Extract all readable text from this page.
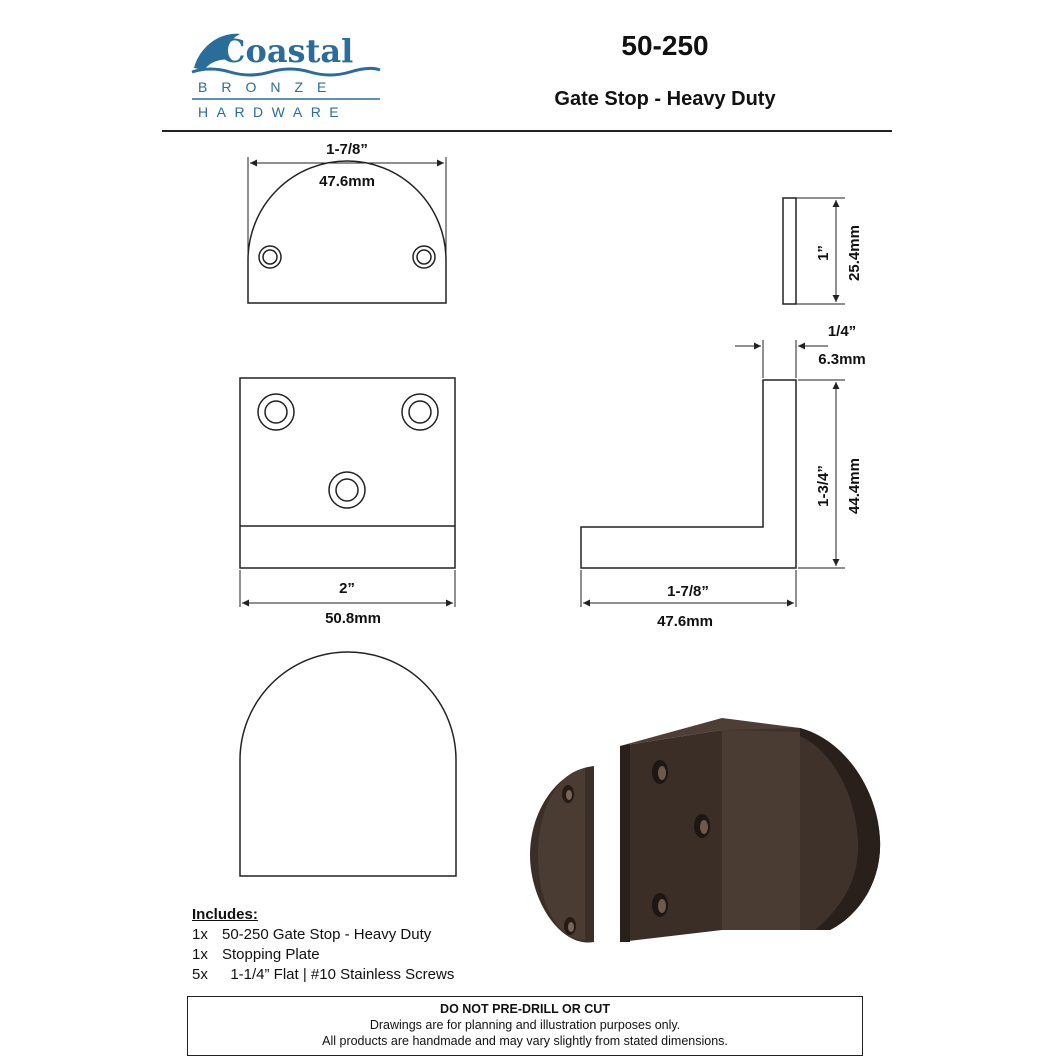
Coastal
BRONZE
HARDWARE
50-250
Gate Stop - Heavy Duty
1-7/8”
47.6mm
1” 25.4mm
2”
50.8mm
1/4”
6.3mm
1-3/4” 44.4mm
1-7/8”
47.6mm
Includes:
1x 50-250 Gate Stop - Heavy Duty
1x Stopping Plate
5x 1-1/4” Flat | #10 Stainless Screws
DO NOT PRE-DRILL OR CUT
Drawings are for planning and illustration purposes only.
All products are handmade and may vary slightly from stated dimensions.
